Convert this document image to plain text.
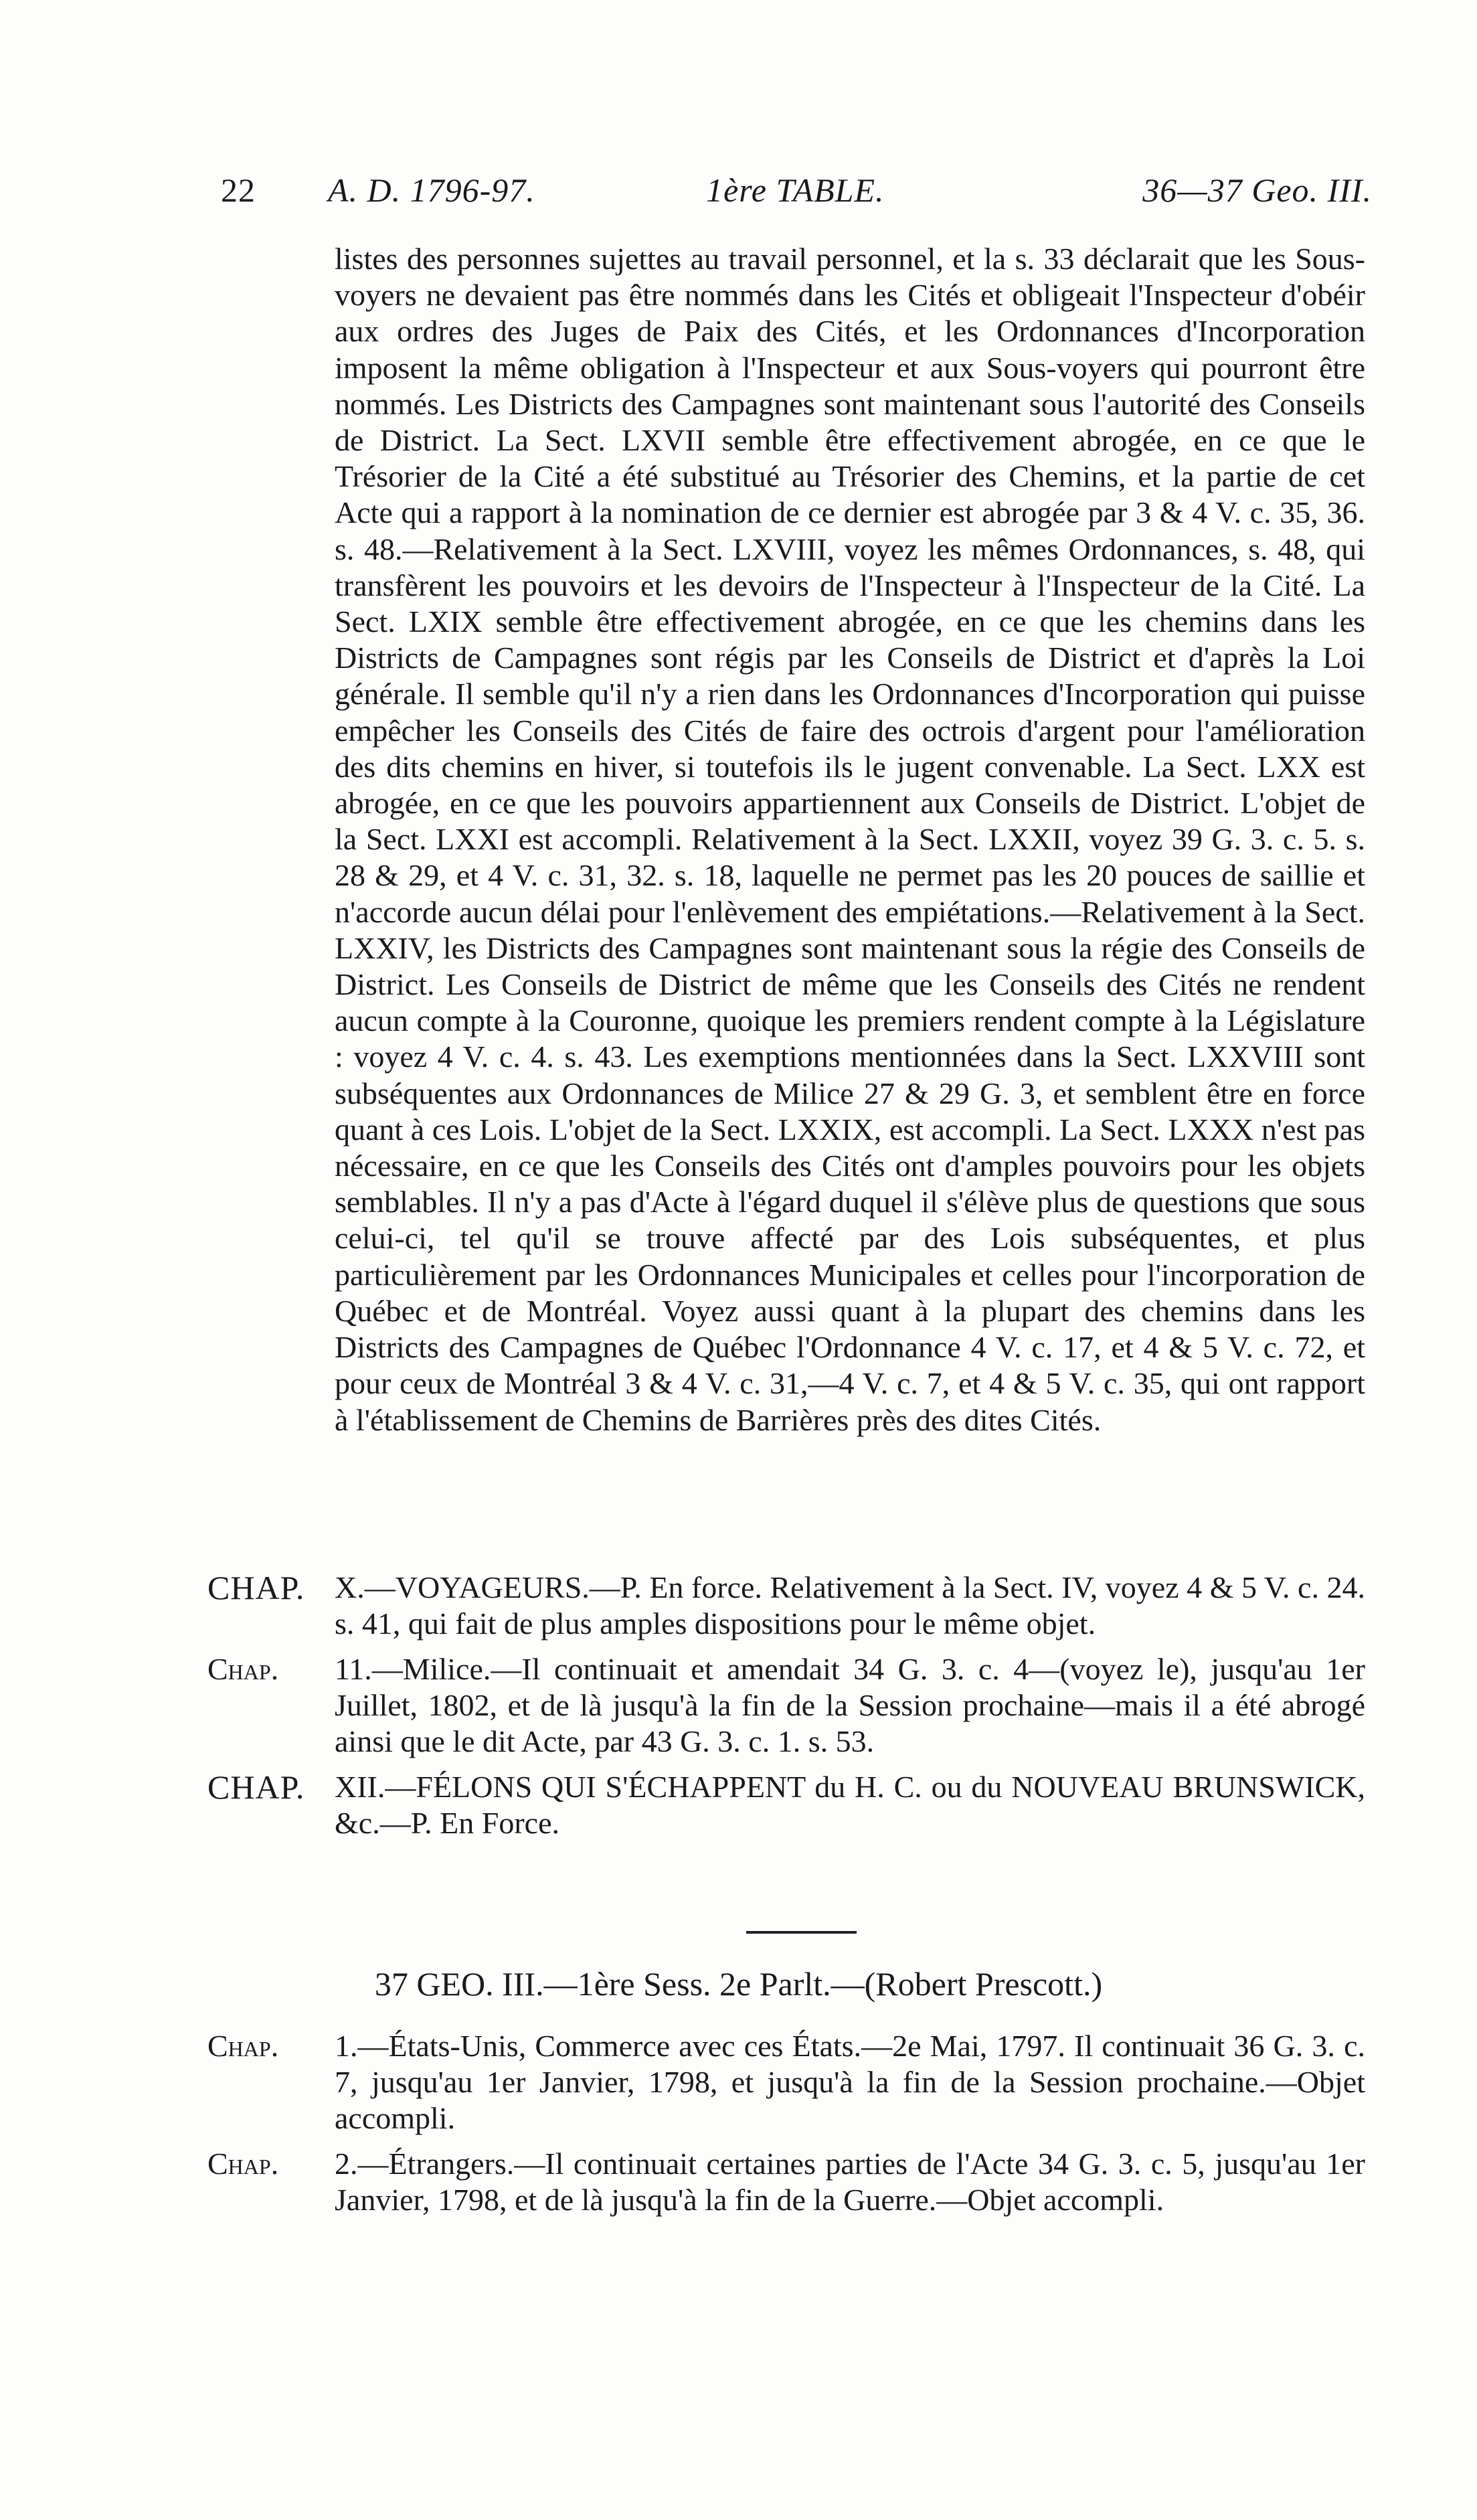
22 A. D. 1796-97.	1ère TABLE.	36—37 Geo. III.

listes des personnes sujettes au travail personnel, et la s. 33 déclarait que les Sous-voyers ne devaient pas être nommés dans les Cités et obligeait l'Inspecteur d'obéir aux ordres des Juges de Paix des Cités, et les Ordonnances d'Incorporation imposent la même obligation à l'Inspecteur et aux Sous-voyers qui pourront être nommés. Les Districts des Campagnes sont maintenant sous l'autorité des Conseils de District. La Sect. LXVII semble être effectivement abrogée, en ce que le Trésorier de la Cité a été substitué au Trésorier des Chemins, et la partie de cet Acte qui a rapport à la nomination de ce dernier est abrogée par 3 & 4 V. c. 35, 36. s. 48.—Relativement à la Sect. LXVIII, voyez les mêmes Ordonnances, s. 48, qui transfèrent les pouvoirs et les devoirs de l'Inspecteur à l'Inspecteur de la Cité. La Sect. LXIX semble être effectivement abrogée, en ce que les chemins dans les Districts de Campagnes sont régis par les Conseils de District et d'après la Loi générale. Il semble qu'il n'y a rien dans les Ordonnances d'Incorporation qui puisse empêcher les Conseils des Cités de faire des octrois d'argent pour l'amélioration des dits chemins en hiver, si toutefois ils le jugent convenable. La Sect. LXX est abrogée, en ce que les pouvoirs appartiennent aux Conseils de District. L'objet de la Sect. LXXI est accompli. Relativement à la Sect. LXXII, voyez 39 G. 3. c. 5. s. 28 & 29, et 4 V. c. 31, 32. s. 18, laquelle ne permet pas les 20 pouces de saillie et n'accorde aucun délai pour l'enlèvement des empiétations.—Relativement à la Sect. LXXIV, les Districts des Campagnes sont maintenant sous la régie des Conseils de District. Les Conseils de District de même que les Conseils des Cités ne rendent aucun compte à la Couronne, quoique les premiers rendent compte à la Législature : voyez 4 V. c. 4. s. 43. Les exemptions mentionnées dans la Sect. LXXVIII sont subséquentes aux Ordonnances de Milice 27 & 29 G. 3, et semblent être en force quant à ces Lois. L'objet de la Sect. LXXIX, est accompli. La Sect. LXXX n'est pas nécessaire, en ce que les Conseils des Cités ont d'amples pouvoirs pour les objets semblables. Il n'y a pas d'Acte à l'égard duquel il s'élève plus de questions que sous celui-ci, tel qu'il se trouve affecté par des Lois subséquentes, et plus particulièrement par les Ordonnances Municipales et celles pour l'incorporation de Québec et de Montréal. Voyez aussi quant à la plupart des chemins dans les Districts des Campagnes de Québec l'Ordonnance 4 V. c. 17, et 4 & 5 V. c. 72, et pour ceux de Montréal 3 & 4 V. c. 31,—4 V. c. 7, et 4 & 5 V. c. 35, qui ont rapport à l'établissement de Chemins de Barrières près des dites Cités.

CHAP. X.—VOYAGEURS.—P. En force. Relativement à la Sect. IV, voyez 4 & 5 V. c. 24. s. 41, qui fait de plus amples dispositions pour le même objet.
Chap. 11.—Milice.—Il continuait et amendait 34 G. 3. c. 4—(voyez le), jusqu'au 1er Juillet, 1802, et de là jusqu'à la fin de la Session prochaine—mais il a été abrogé ainsi que le dit Acte, par 43 G. 3. c. 1. s. 53.
CHAP. XII.—FÉLONS QUI S'ÉCHAPPENT du H. C. ou du NOUVEAU BRUNSWICK, &c.—P. En Force.
37 GEO. III.—1ère Sess. 2e Parlt.—(Robert Prescott.)
Chap. 1.—États-Unis, Commerce avec ces États.—2e Mai, 1797. Il continuait 36 G. 3. c. 7, jusqu'au 1er Janvier, 1798, et jusqu'à la fin de la Session prochaine.—Objet accompli.
Chap. 2.—Étrangers.—Il continuait certaines parties de l'Acte 34 G. 3. c. 5, jusqu'au 1er Janvier, 1798, et de là jusqu'à la fin de la Guerre.—Objet accompli.
